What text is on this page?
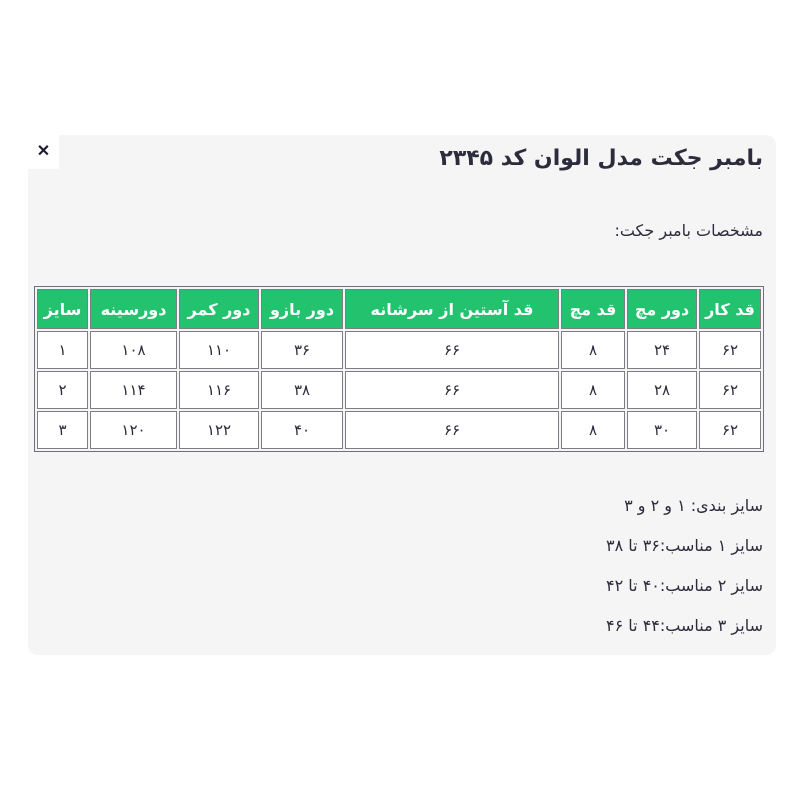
✕	بامبر جکت مدل الوان کد ۲۳۴۵
مشخصات بامبر جکت:
قد کار	دور مچ	قد مچ	قد آستین از سرشانه	دور بازو	دور کمر	دورسینه	سایز
۶۲	۲۴	۸	۶۶	۳۶	۱۱۰	۱۰۸	۱
۶۲	۲۸	۸	۶۶	۳۸	۱۱۶	۱۱۴	۲
۶۲	۳۰	۸	۶۶	۴۰	۱۲۲	۱۲۰	۳
سایز بندی: ۱ و ۲ و ۳
سایز ۱ مناسب:۳۶ تا ۳۸
سایز ۲ مناسب:۴۰ تا ۴۲
سایز ۳ مناسب:۴۴ تا ۴۶
